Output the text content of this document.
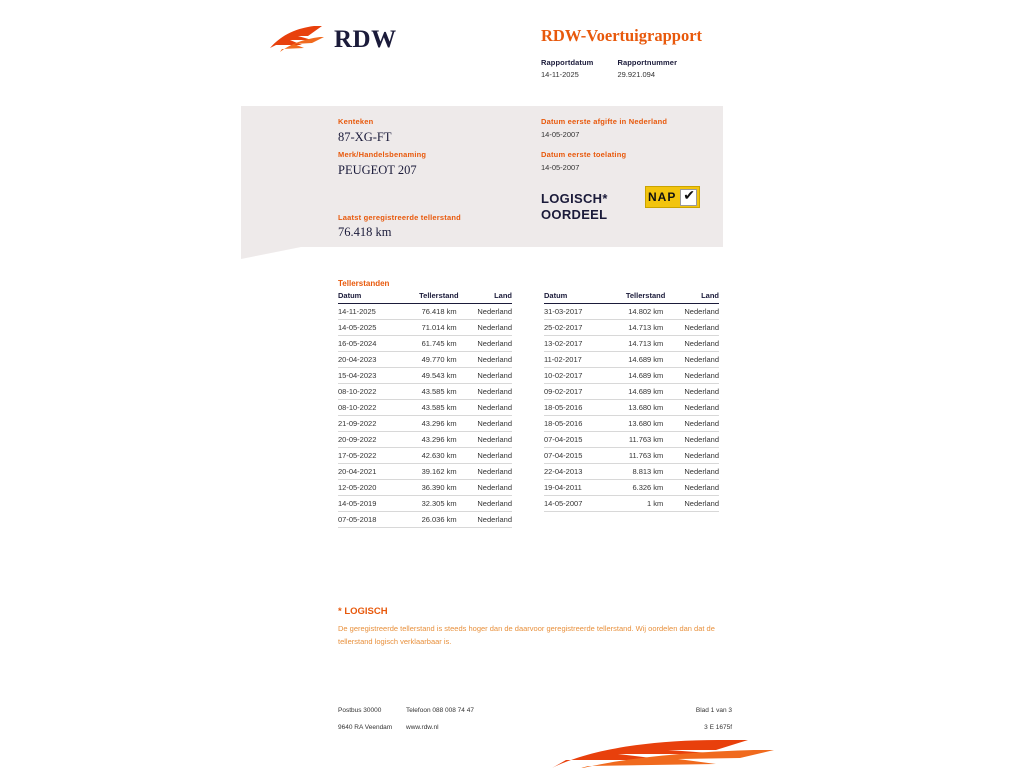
RDW	RDW-Voertuigrapport
Rapportdatum
14-11-2025
Rapportnummer
29.921.094
Kenteken
87-XG-FT
Merk/Handelsbenaming
PEUGEOT 207
Laatst geregistreerde tellerstand
76.418 km
Datum eerste afgifte in Nederland
14-05-2007
Datum eerste toelating
14-05-2007
LOGISCH*
OORDEEL
NAP ✔
Tellerstanden
Datum	Tellerstand	Land
14-11-2025	76.418 km	Nederland
14-05-2025	71.014 km	Nederland
16-05-2024	61.745 km	Nederland
20-04-2023	49.770 km	Nederland
15-04-2023	49.543 km	Nederland
08-10-2022	43.585 km	Nederland
08-10-2022	43.585 km	Nederland
21-09-2022	43.296 km	Nederland
20-09-2022	43.296 km	Nederland
17-05-2022	42.630 km	Nederland
20-04-2021	39.162 km	Nederland
12-05-2020	36.390 km	Nederland
14-05-2019	32.305 km	Nederland
07-05-2018	26.036 km	Nederland
Datum	Tellerstand	Land
31-03-2017	14.802 km	Nederland
25-02-2017	14.713 km	Nederland
13-02-2017	14.713 km	Nederland
11-02-2017	14.689 km	Nederland
10-02-2017	14.689 km	Nederland
09-02-2017	14.689 km	Nederland
18-05-2016	13.680 km	Nederland
18-05-2016	13.680 km	Nederland
07-04-2015	11.763 km	Nederland
07-04-2015	11.763 km	Nederland
22-04-2013	8.813 km	Nederland
19-04-2011	6.326 km	Nederland
14-05-2007	1 km	Nederland
* LOGISCH
De geregistreerde tellerstand is steeds hoger dan de daarvoor geregistreerde tellerstand. Wij oordelen dan dat de tellerstand logisch verklaarbaar is.
Postbus 30000
9640 RA Veendam
Telefoon 088 008 74 47
www.rdw.nl
Blad 1 van 3
3 E 1675f
